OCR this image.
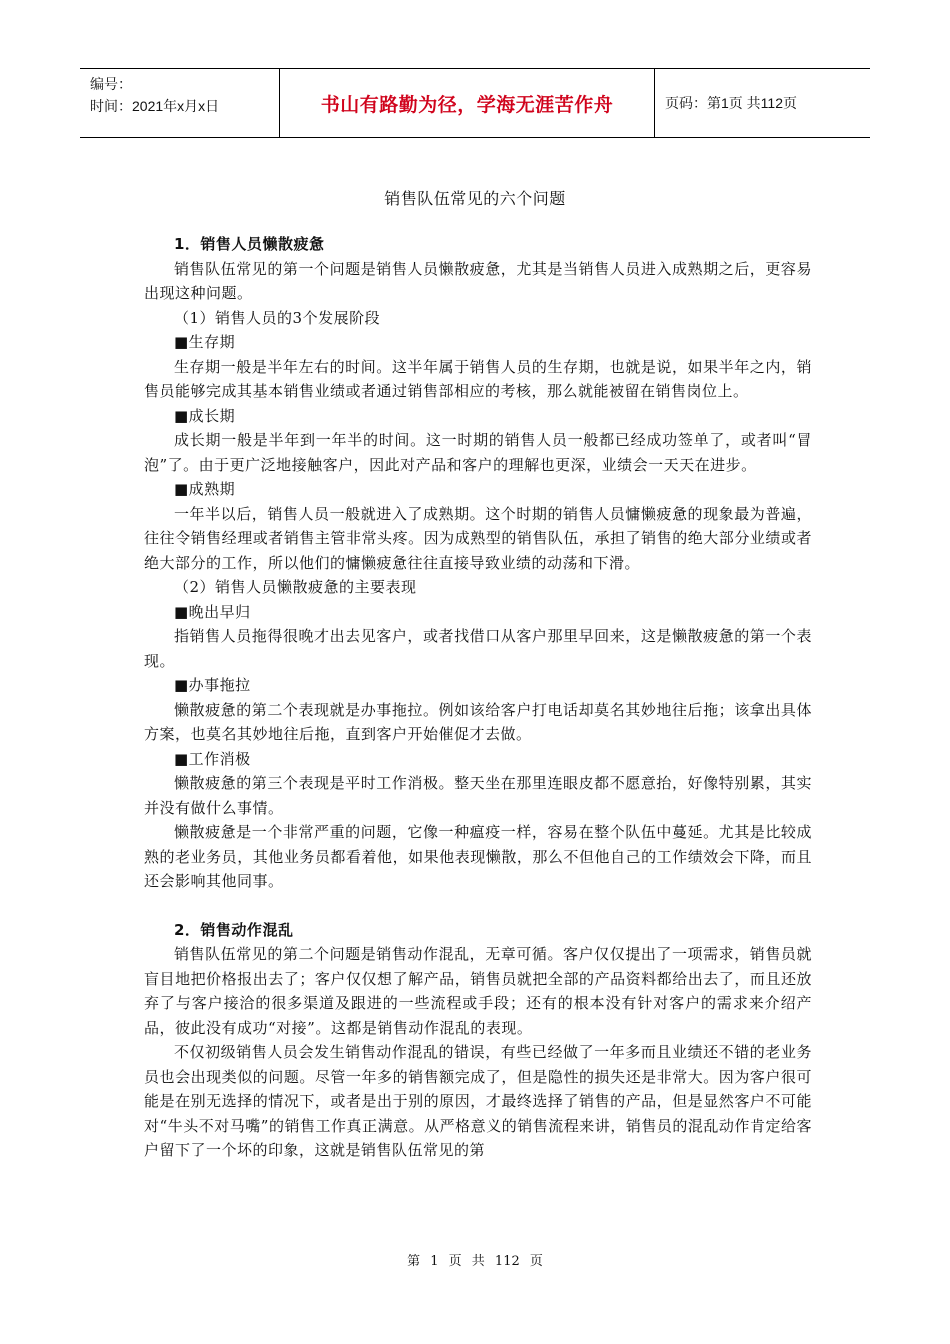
编号：
时间：2021年x月x日	书山有路勤为径，学海无涯苦作舟	页码：第1页 共112页
销售队伍常见的六个问题

1．销售人员懒散疲惫

销售队伍常见的第一个问题是销售人员懒散疲惫，尤其是当销售人员进入成熟期之后，更容易出现这种问题。

（1）销售人员的3个发展阶段

■生存期

生存期一般是半年左右的时间。这半年属于销售人员的生存期，也就是说，如果半年之内，销售员能够完成其基本销售业绩或者通过销售部相应的考核，那么就能被留在销售岗位上。

■成长期

成长期一般是半年到一年半的时间。这一时期的销售人员一般都已经成功签单了，或者叫“冒泡”了。由于更广泛地接触客户，因此对产品和客户的理解也更深，业绩会一天天在进步。

■成熟期

一年半以后，销售人员一般就进入了成熟期。这个时期的销售人员慵懒疲惫的现象最为普遍，往往令销售经理或者销售主管非常头疼。因为成熟型的销售队伍，承担了销售的绝大部分业绩或者绝大部分的工作，所以他们的慵懒疲惫往往直接导致业绩的动荡和下滑。

（2）销售人员懒散疲惫的主要表现

■晚出早归

指销售人员拖得很晚才出去见客户，或者找借口从客户那里早回来，这是懒散疲惫的第一个表现。

■办事拖拉

懒散疲惫的第二个表现就是办事拖拉。例如该给客户打电话却莫名其妙地往后拖；该拿出具体方案，也莫名其妙地往后拖，直到客户开始催促才去做。

■工作消极

懒散疲惫的第三个表现是平时工作消极。整天坐在那里连眼皮都不愿意抬，好像特别累，其实并没有做什么事情。

懒散疲惫是一个非常严重的问题，它像一种瘟疫一样，容易在整个队伍中蔓延。尤其是比较成熟的老业务员，其他业务员都看着他，如果他表现懒散，那么不但他自己的工作绩效会下降，而且还会影响其他同事。

2．销售动作混乱

销售队伍常见的第二个问题是销售动作混乱，无章可循。客户仅仅提出了一项需求，销售员就盲目地把价格报出去了；客户仅仅想了解产品，销售员就把全部的产品资料都给出去了，而且还放弃了与客户接洽的很多渠道及跟进的一些流程或手段；还有的根本没有针对客户的需求来介绍产品，彼此没有成功“对接”。这都是销售动作混乱的表现。

不仅初级销售人员会发生销售动作混乱的错误，有些已经做了一年多而且业绩还不错的老业务员也会出现类似的问题。尽管一年多的销售额完成了，但是隐性的损失还是非常大。因为客户很可能是在别无选择的情况下，或者是出于别的原因，才最终选择了销售的产品，但是显然客户不可能对“牛头不对马嘴”的销售工作真正满意。从严格意义的销售流程来讲，销售员的混乱动作肯定给客户留下了一个坏的印象，这就是销售队伍常见的第

第 1 页 共 112 页
